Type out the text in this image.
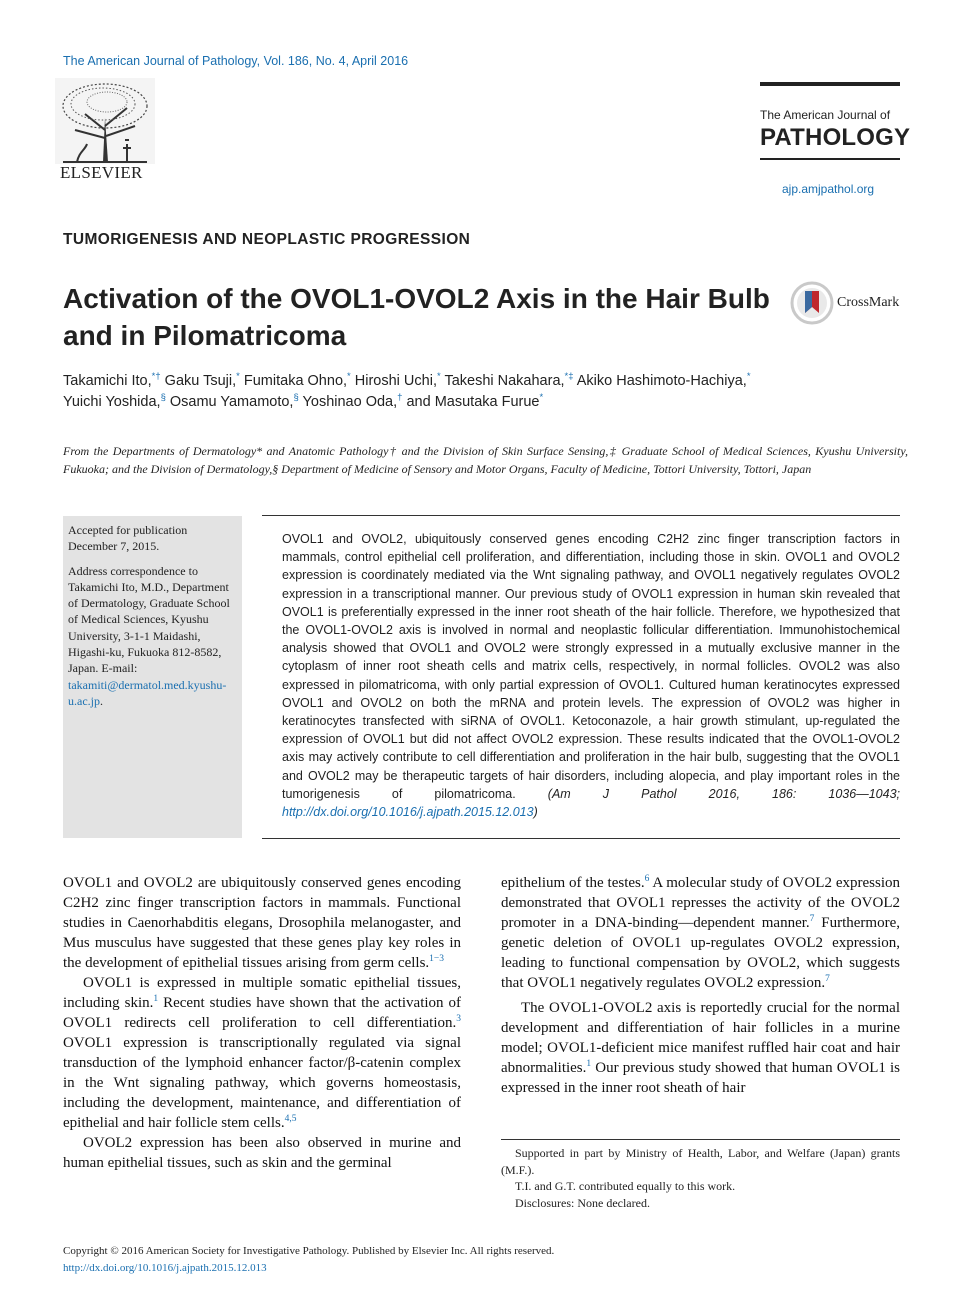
The American Journal of Pathology, Vol. 186, No. 4, April 2016
ELSEVIER
The American Journal of
PATHOLOGY
ajp.amjpathol.org
TUMORIGENESIS AND NEOPLASTIC PROGRESSION
Activation of the OVOL1-OVOL2 Axis in the Hair Bulb and in Pilomatricoma
CrossMark
Takamichi Ito,*† Gaku Tsuji,* Fumitaka Ohno,* Hiroshi Uchi,* Takeshi Nakahara,*‡ Akiko Hashimoto-Hachiya,*
Yuichi Yoshida,§ Osamu Yamamoto,§ Yoshinao Oda,† and Masutaka Furue*
From the Departments of Dermatology* and Anatomic Pathology† and the Division of Skin Surface Sensing,‡ Graduate School of Medical Sciences, Kyushu University, Fukuoka; and the Division of Dermatology,§ Department of Medicine of Sensory and Motor Organs, Faculty of Medicine, Tottori University, Tottori, Japan

Accepted for publication December 7, 2015.

Address correspondence to Takamichi Ito, M.D., Department of Dermatology, Graduate School of Medical Sciences, Kyushu University, 3-1-1 Maidashi, Higashi-ku, Fukuoka 812-8582, Japan. E-mail: takamiti@dermatol.med.kyushu-u.ac.jp.

OVOL1 and OVOL2, ubiquitously conserved genes encoding C2H2 zinc finger transcription factors in mammals, control epithelial cell proliferation, and differentiation, including those in skin. OVOL1 and OVOL2 expression is coordinately mediated via the Wnt signaling pathway, and OVOL1 negatively regulates OVOL2 expression in a transcriptional manner. Our previous study of OVOL1 expression in human skin revealed that OVOL1 is preferentially expressed in the inner root sheath of the hair follicle. Therefore, we hypothesized that the OVOL1-OVOL2 axis is involved in normal and neoplastic follicular differentiation. Immunohistochemical analysis showed that OVOL1 and OVOL2 were strongly expressed in a mutually exclusive manner in the cytoplasm of inner root sheath cells and matrix cells, respectively, in normal follicles. OVOL2 was also expressed in pilomatricoma, with only partial expression of OVOL1. Cultured human keratinocytes expressed OVOL1 and OVOL2 on both the mRNA and protein levels. The expression of OVOL2 was higher in keratinocytes transfected with siRNA of OVOL1. Ketoconazole, a hair growth stimulant, up-regulated the expression of OVOL1 but did not affect OVOL2 expression. These results indicated that the OVOL1-OVOL2 axis may actively contribute to cell differentiation and proliferation in the hair bulb, suggesting that the OVOL1 and OVOL2 may be therapeutic targets of hair disorders, including alopecia, and play important roles in the tumorigenesis of pilomatricoma.	(Am J Pathol 2016, 186: 1036—1043; http://dx.doi.org/10.1016/j.ajpath.2015.12.013)

OVOL1 and OVOL2 are ubiquitously conserved genes encoding C2H2 zinc finger transcription factors in mammals. Functional studies in Caenorhabditis elegans, Drosophila melanogaster, and Mus musculus have suggested that these genes play key roles in the development of epithelial tissues arising from germ cells.$^{1-3}$

OVOL1 is expressed in multiple somatic epithelial tissues, including skin.$^1$ Recent studies have shown that the activation of OVOL1 redirects cell proliferation to cell differentiation.$^3$ OVOL1 expression is transcriptionally regulated via signal transduction of the lymphoid enhancer factor/β-catenin complex in the Wnt signaling pathway, which governs homeostasis, including the development, maintenance, and differentiation of epithelial and hair follicle stem cells.$^{4,5}$

OVOL2 expression has been also observed in murine and human epithelial tissues, such as skin and the germinal

epithelium of the testes.$^6$ A molecular study of OVOL2 expression demonstrated that OVOL1 represses the activity of the OVOL2 promoter in a DNA-binding—dependent manner.$^7$ Furthermore, genetic deletion of OVOL1 up-regulates OVOL2 expression, leading to functional compensation by OVOL2, which suggests that OVOL1 negatively regulates OVOL2 expression.$^7$

The OVOL1-OVOL2 axis is reportedly crucial for the normal development and differentiation of hair follicles in a murine model; OVOL1-deficient mice manifest ruffled hair coat and hair abnormalities.$^1$ Our previous study showed that human OVOL1 is expressed in the inner root sheath of hair

Supported in part by Ministry of Health, Labor, and Welfare (Japan) grants (M.F.).

T.I. and G.T. contributed equally to this work.

Disclosures: None declared.

Copyright © 2016 American Society for Investigative Pathology. Published by Elsevier Inc. All rights reserved.
http://dx.doi.org/10.1016/j.ajpath.2015.12.013
